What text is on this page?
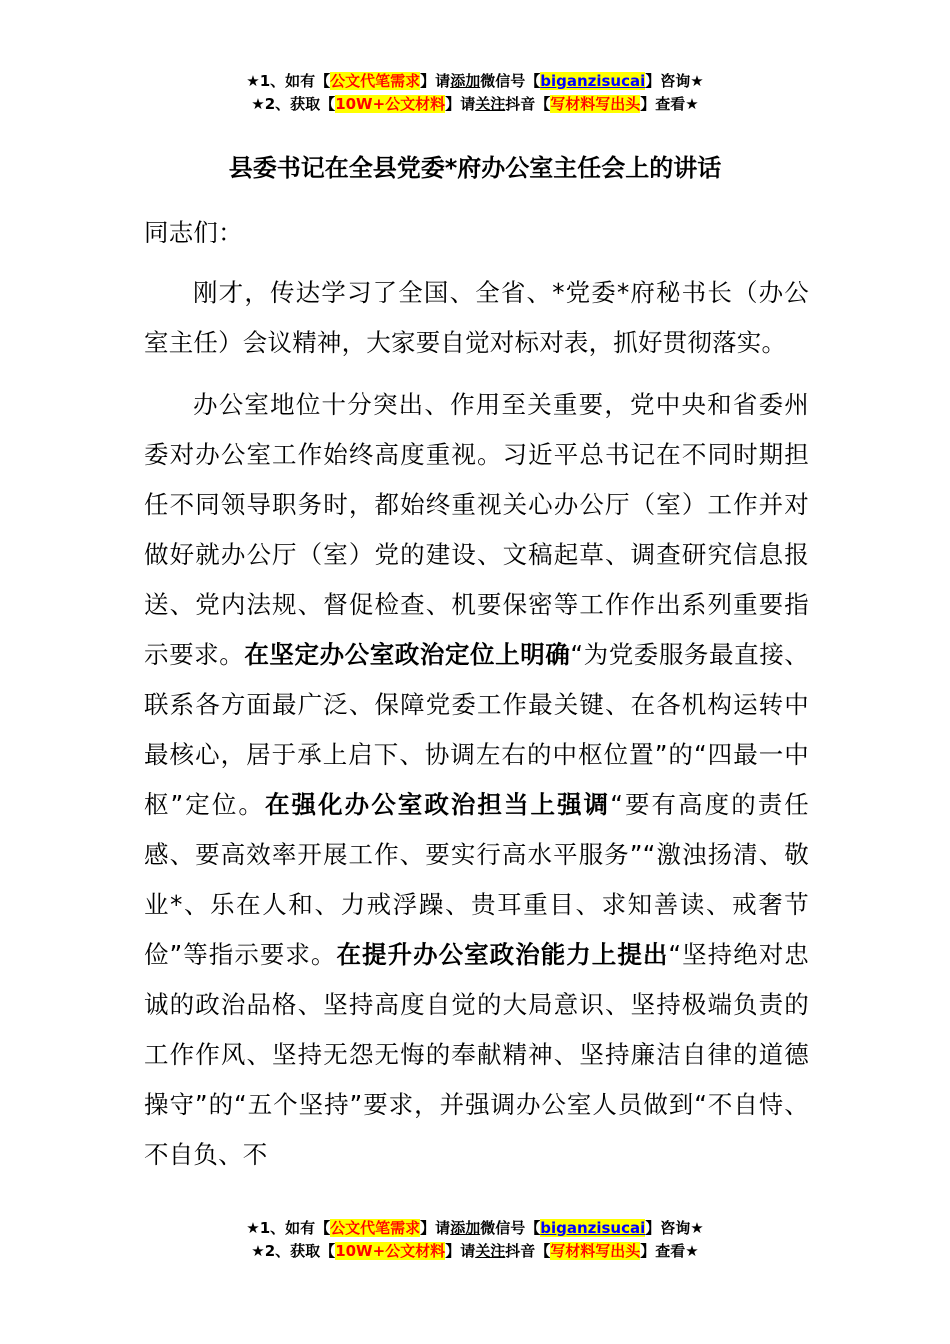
★1、如有【公文代笔需求】请添加微信号【biganzisucai】咨询★
★2、获取【10W+公文材料】请关注抖音【写材料写出头】查看★
县委书记在全县党委*府办公室主任会上的讲话

同志们：

刚才，传达学习了全国、全省、*党委*府秘书长（办公室主任）会议精神，大家要自觉对标对表，抓好贯彻落实。

办公室地位十分突出、作用至关重要，党中央和省委州委对办公室工作始终高度重视。习近平总书记在不同时期担任不同领导职务时，都始终重视关心办公厅（室）工作并对做好就办公厅（室）党的建设、文稿起草、调查研究信息报送、党内法规、督促检查、机要保密等工作作出系列重要指示要求。在坚定办公室政治定位上明确“为党委服务最直接、联系各方面最广泛、保障党委工作最关键、在各机构运转中最核心，居于承上启下、协调左右的中枢位置”的“四最一中枢”定位。在强化办公室政治担当上强调“要有高度的责任感、要高效率开展工作、要实行高水平服务”“激浊扬清、敬业*、乐在人和、力戒浮躁、贵耳重目、求知善读、戒奢节俭”等指示要求。在提升办公室政治能力上提出“坚持绝对忠诚的政治品格、坚持高度自觉的大局意识、坚持极端负责的工作作风、坚持无怨无悔的奉献精神、坚持廉洁自律的道德操守”的“五个坚持”要求，并强调办公室人员做到“不自恃、不自负、不

★1、如有【公文代笔需求】请添加微信号【biganzisucai】咨询★
★2、获取【10W+公文材料】请关注抖音【写材料写出头】查看★
